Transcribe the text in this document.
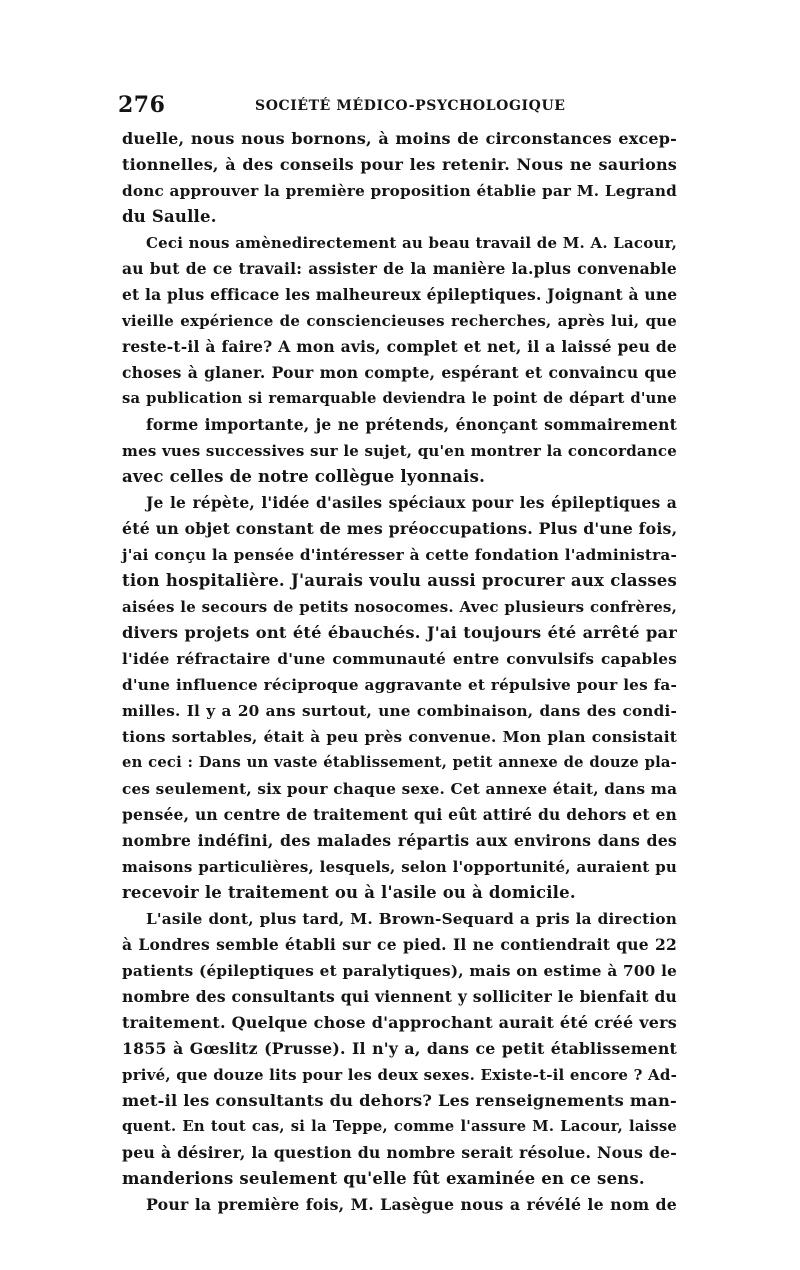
276	SOCIÉTÉ MÉDICO-PSYCHOLOGIQUE
duelle, nous nous bornons, à moins de circonstances excep-
tionnelles, à des conseils pour les retenir. Nous ne saurions
donc approuver la première proposition établie par M. Legrand
du Saulle.
Ceci nous amènedirectement au beau travail de M. A. Lacour,
au but de ce travail: assister de la manière la.plus convenable
et la plus efficace les malheureux épileptiques. Joignant à une
vieille expérience de consciencieuses recherches, après lui, que
reste-t-il à faire? A mon avis, complet et net, il a laissé peu de
choses à glaner. Pour mon compte, espérant et convaincu que
sa publication si remarquable deviendra le point de départ d'une
forme importante, je ne prétends, énonçant sommairement
mes vues successives sur le sujet, qu'en montrer la concordance
avec celles de notre collègue lyonnais.
Je le répète, l'idée d'asiles spéciaux pour les épileptiques a
été un objet constant de mes préoccupations. Plus d'une fois,
j'ai conçu la pensée d'intéresser à cette fondation l'administra-
tion hospitalière. J'aurais voulu aussi procurer aux classes
aisées le secours de petits nosocomes. Avec plusieurs confrères,
divers projets ont été ébauchés. J'ai toujours été arrêté par
l'idée réfractaire d'une communauté entre convulsifs capables
d'une influence réciproque aggravante et répulsive pour les fa-
milles. Il y a 20 ans surtout, une combinaison, dans des condi-
tions sortables, était à peu près convenue. Mon plan consistait
en ceci : Dans un vaste établissement, petit annexe de douze pla-
ces seulement, six pour chaque sexe. Cet annexe était, dans ma
pensée, un centre de traitement qui eût attiré du dehors et en
nombre indéfini, des malades répartis aux environs dans des
maisons particulières, lesquels, selon l'opportunité, auraient pu
recevoir le traitement ou à l'asile ou à domicile.
L'asile dont, plus tard, M. Brown-Sequard a pris la direction
à Londres semble établi sur ce pied. Il ne contiendrait que 22
patients (épileptiques et paralytiques), mais on estime à 700 le
nombre des consultants qui viennent y solliciter le bienfait du
traitement. Quelque chose d'approchant aurait été créé vers
1855 à Gœslitz (Prusse). Il n'y a, dans ce petit établissement
privé, que douze lits pour les deux sexes. Existe-t-il encore ? Ad-
met-il les consultants du dehors? Les renseignements man-
quent. En tout cas, si la Teppe, comme l'assure M. Lacour, laisse
peu à désirer, la question du nombre serait résolue. Nous de-
manderions seulement qu'elle fût examinée en ce sens.
Pour la première fois, M. Lasègue nous a révélé le nom de
